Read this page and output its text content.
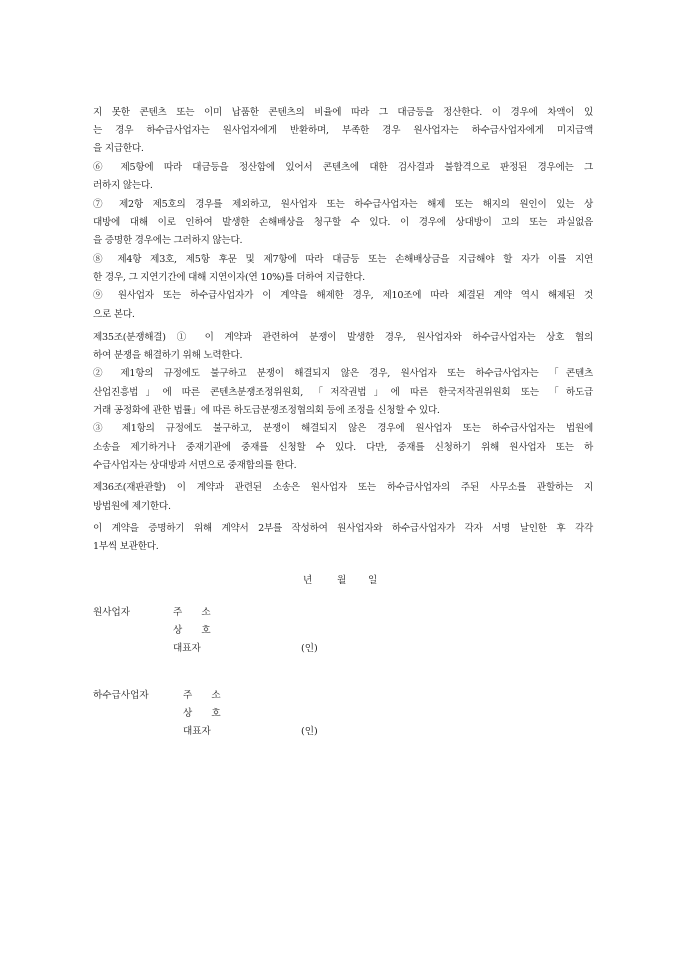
지 못한 콘텐츠 또는 이미 납품한 콘텐츠의 비율에 따라 그 대금등을 정산한다. 이 경우에 차액이 있
는 경우 하수급사업자는 원사업자에게 반환하며, 부족한 경우 원사업자는 하수급사업자에게 미지급액
을 지급한다.
⑥ 제5항에 따라 대금등을 정산함에 있어서 콘텐츠에 대한 검사결과 불합격으로 판정된 경우에는 그
러하지 않는다.
⑦ 제2항 제5호의 경우를 제외하고, 원사업자 또는 하수급사업자는 해제 또는 해지의 원인이 있는 상
대방에 대해 이로 인하여 발생한 손해배상을 청구할 수 있다. 이 경우에 상대방이 고의 또는 과실없음
을 증명한 경우에는 그러하지 않는다.
⑧ 제4항 제3호, 제5항 후문 및 제7항에 따라 대금등 또는 손해배상금을 지급해야 할 자가 이를 지연
한 경우, 그 지연기간에 대해 지연이자(연 10%)를 더하여 지급한다.
⑨ 원사업자 또는 하수급사업자가 이 계약을 해제한 경우, 제10조에 따라 체결된 계약 역시 해제된 것
으로 본다.
제35조(분쟁해결) ① 이 계약과 관련하여 분쟁이 발생한 경우, 원사업자와 하수급사업자는 상호 협의
하여 분쟁을 해결하기 위해 노력한다.
② 제1항의 규정에도 불구하고 분쟁이 해결되지 않은 경우, 원사업자 또는 하수급사업자는 「콘텐츠
산업진흥법」에 따른 콘텐츠분쟁조정위원회, 「저작권법」에 따른 한국저작권위원회 또는 「하도급
거래 공정화에 관한 법률」에 따른 하도급분쟁조정협의회 등에 조정을 신청할 수 있다.
③ 제1항의 규정에도 불구하고, 분쟁이 해결되지 않은 경우에 원사업자 또는 하수급사업자는 법원에
소송을 제기하거나 중재기관에 중재를 신청할 수 있다. 다만, 중재를 신청하기 위해 원사업자 또는 하
수급사업자는 상대방과 서면으로 중재합의를 한다.
제36조(재판관할) 이 계약과 관련된 소송은 원사업자 또는 하수급사업자의 주된 사무소를 관할하는 지
방법원에 제기한다.
이 계약을 증명하기 위해 계약서 2부를 작성하여 원사업자와 하수급사업자가 각자 서명 날인한 후 각각
1부씩 보관한다.
년	월 일
원사업자	주 소
상 호
대표자	(인)
하수급사업자	주 소
상 호
대표자	(인)
